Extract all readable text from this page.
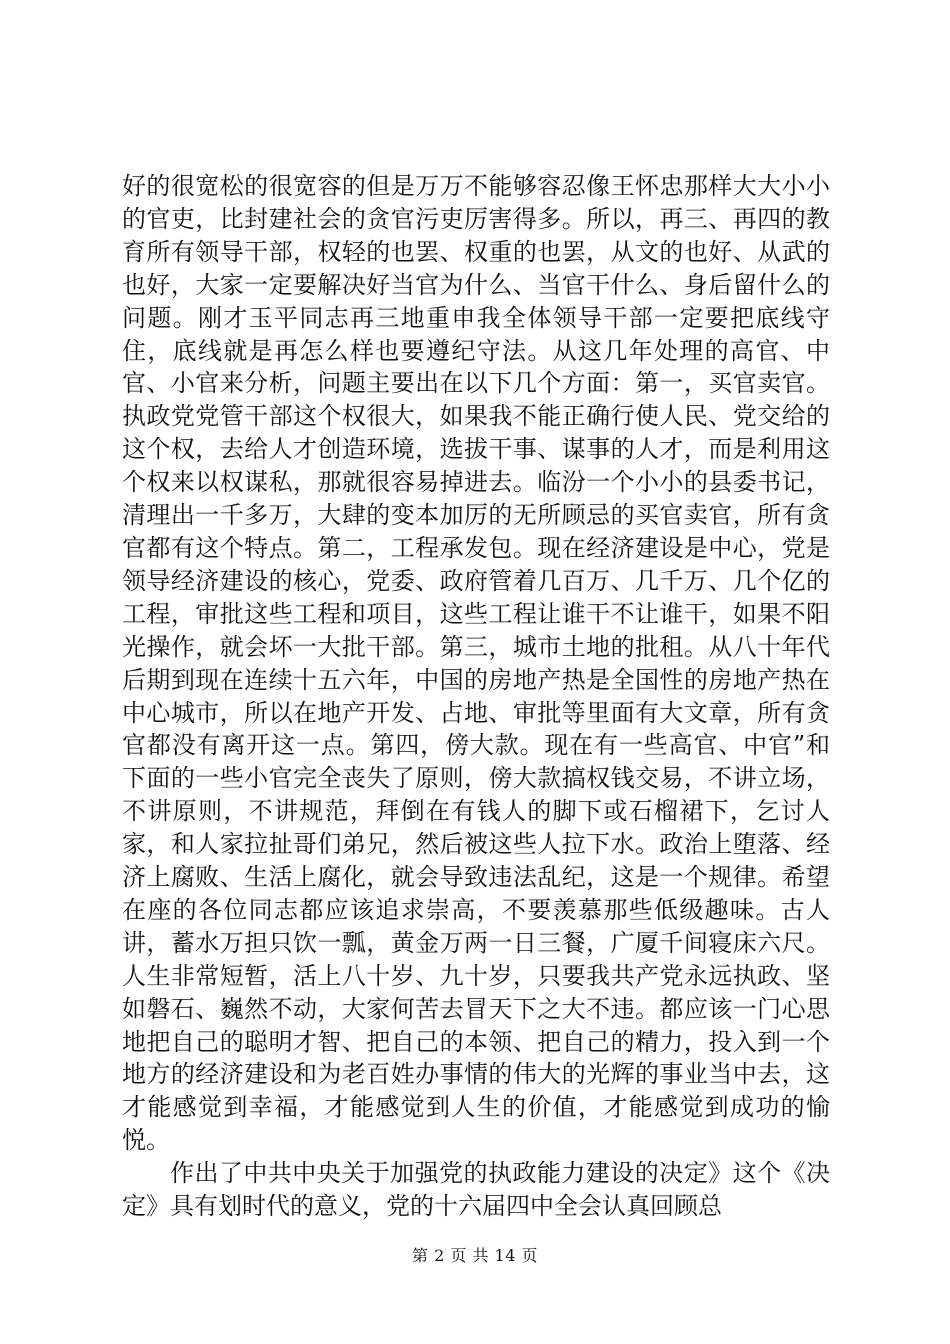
好的很宽松的很宽容的但是万万不能够容忍像王怀忠那样大大小小的官吏，比封建社会的贪官污吏厉害得多。所以，再三、再四的教育所有领导干部，权轻的也罢、权重的也罢，从文的也好、从武的也好，大家一定要解决好当官为什么、当官干什么、身后留什么的问题。刚才玉平同志再三地重申我全体领导干部一定要把底线守住，底线就是再怎么样也要遵纪守法。从这几年处理的高官、中官、小官来分析，问题主要出在以下几个方面：第一，买官卖官。执政党党管干部这个权很大，如果我不能正确行使人民、党交给的这个权，去给人才创造环境，选拔干事、谋事的人才，而是利用这个权来以权谋私，那就很容易掉进去。临汾一个小小的县委书记，清理出一千多万，大肆的变本加厉的无所顾忌的买官卖官，所有贪官都有这个特点。第二，工程承发包。现在经济建设是中心，党是领导经济建设的核心，党委、政府管着几百万、几千万、几个亿的工程，审批这些工程和项目，这些工程让谁干不让谁干，如果不阳光操作，就会坏一大批干部。第三，城市土地的批租。从八十年代后期到现在连续十五六年，中国的房地产热是全国性的房地产热在中心城市，所以在地产开发、占地、审批等里面有大文章，所有贪官都没有离开这一点。第四，傍大款。现在有一些高官、中官”和下面的一些小官完全丧失了原则，傍大款搞权钱交易，不讲立场，不讲原则，不讲规范，拜倒在有钱人的脚下或石榴裙下，乞讨人家，和人家拉扯哥们弟兄，然后被这些人拉下水。政治上堕落、经济上腐败、生活上腐化，就会导致违法乱纪，这是一个规律。希望在座的各位同志都应该追求崇高，不要羡慕那些低级趣味。古人讲，蓄水万担只饮一瓢，黄金万两一日三餐，广厦千间寝床六尺。人生非常短暂，活上八十岁、九十岁，只要我共产党永远执政、坚如磐石、巍然不动，大家何苦去冒天下之大不违。都应该一门心思地把自己的聪明才智、把自己的本领、把自己的精力，投入到一个地方的经济建设和为老百姓办事情的伟大的光辉的事业当中去，这才能感觉到幸福，才能感觉到人生的价值，才能感觉到成功的愉悦。

作出了中共中央关于加强党的执政能力建设的决定》这个《决定》具有划时代的意义，党的十六届四中全会认真回顾总

第 2 页 共 14 页
